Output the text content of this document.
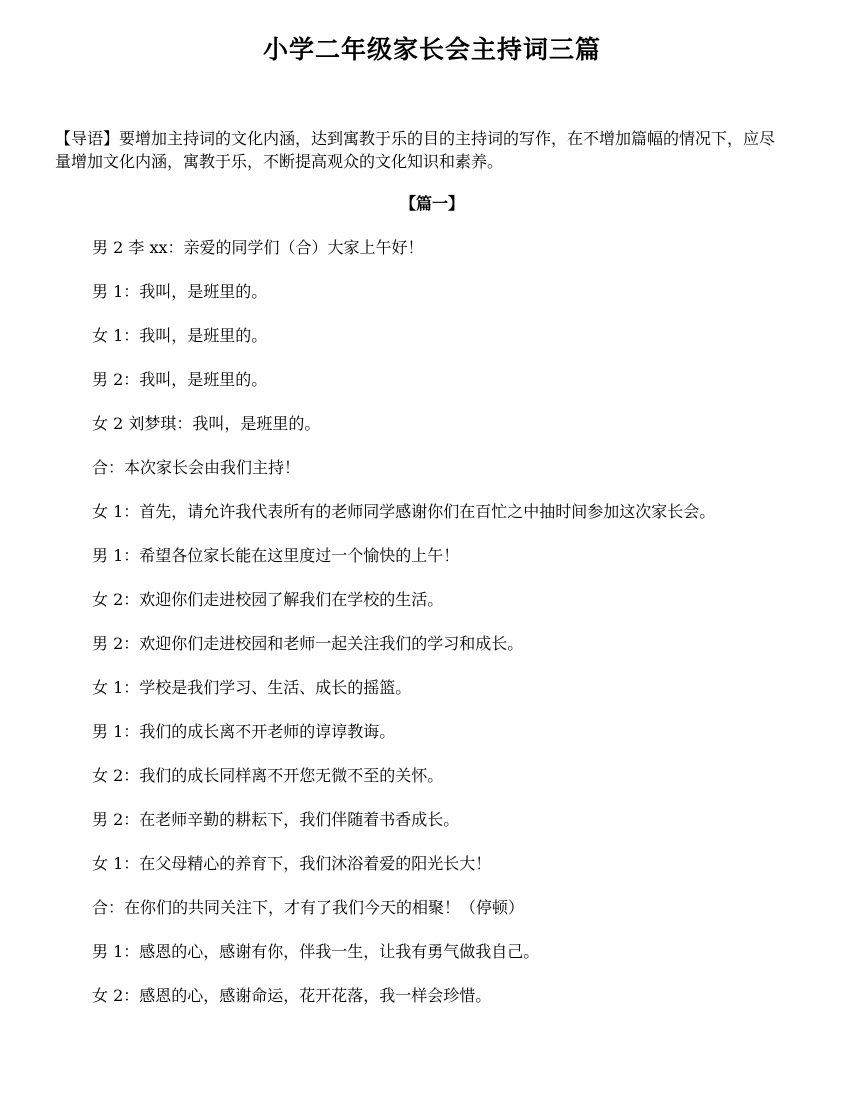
小学二年级家长会主持词三篇

【导语】要增加主持词的文化内涵，达到寓教于乐的目的主持词的写作，在不增加篇幅的情况下，应尽量增加文化内涵，寓教于乐，不断提高观众的文化知识和素养。

【篇一】

男 2 李 xx：亲爱的同学们（合）大家上午好！

男 1：我叫，是班里的。

女 1：我叫，是班里的。

男 2：我叫，是班里的。

女 2 刘梦琪：我叫，是班里的。

合：本次家长会由我们主持！

女 1：首先，请允许我代表所有的老师同学感谢你们在百忙之中抽时间参加这次家长会。

男 1：希望各位家长能在这里度过一个愉快的上午！

女 2：欢迎你们走进校园了解我们在学校的生活。

男 2：欢迎你们走进校园和老师一起关注我们的学习和成长。

女 1：学校是我们学习、生活、成长的摇篮。

男 1：我们的成长离不开老师的谆谆教诲。

女 2：我们的成长同样离不开您无微不至的关怀。

男 2：在老师辛勤的耕耘下，我们伴随着书香成长。

女 1：在父母精心的养育下，我们沐浴着爱的阳光长大！

合：在你们的共同关注下，才有了我们今天的相聚！（停顿）

男 1：感恩的心，感谢有你，伴我一生，让我有勇气做我自己。

女 2：感恩的心，感谢命运，花开花落，我一样会珍惜。
